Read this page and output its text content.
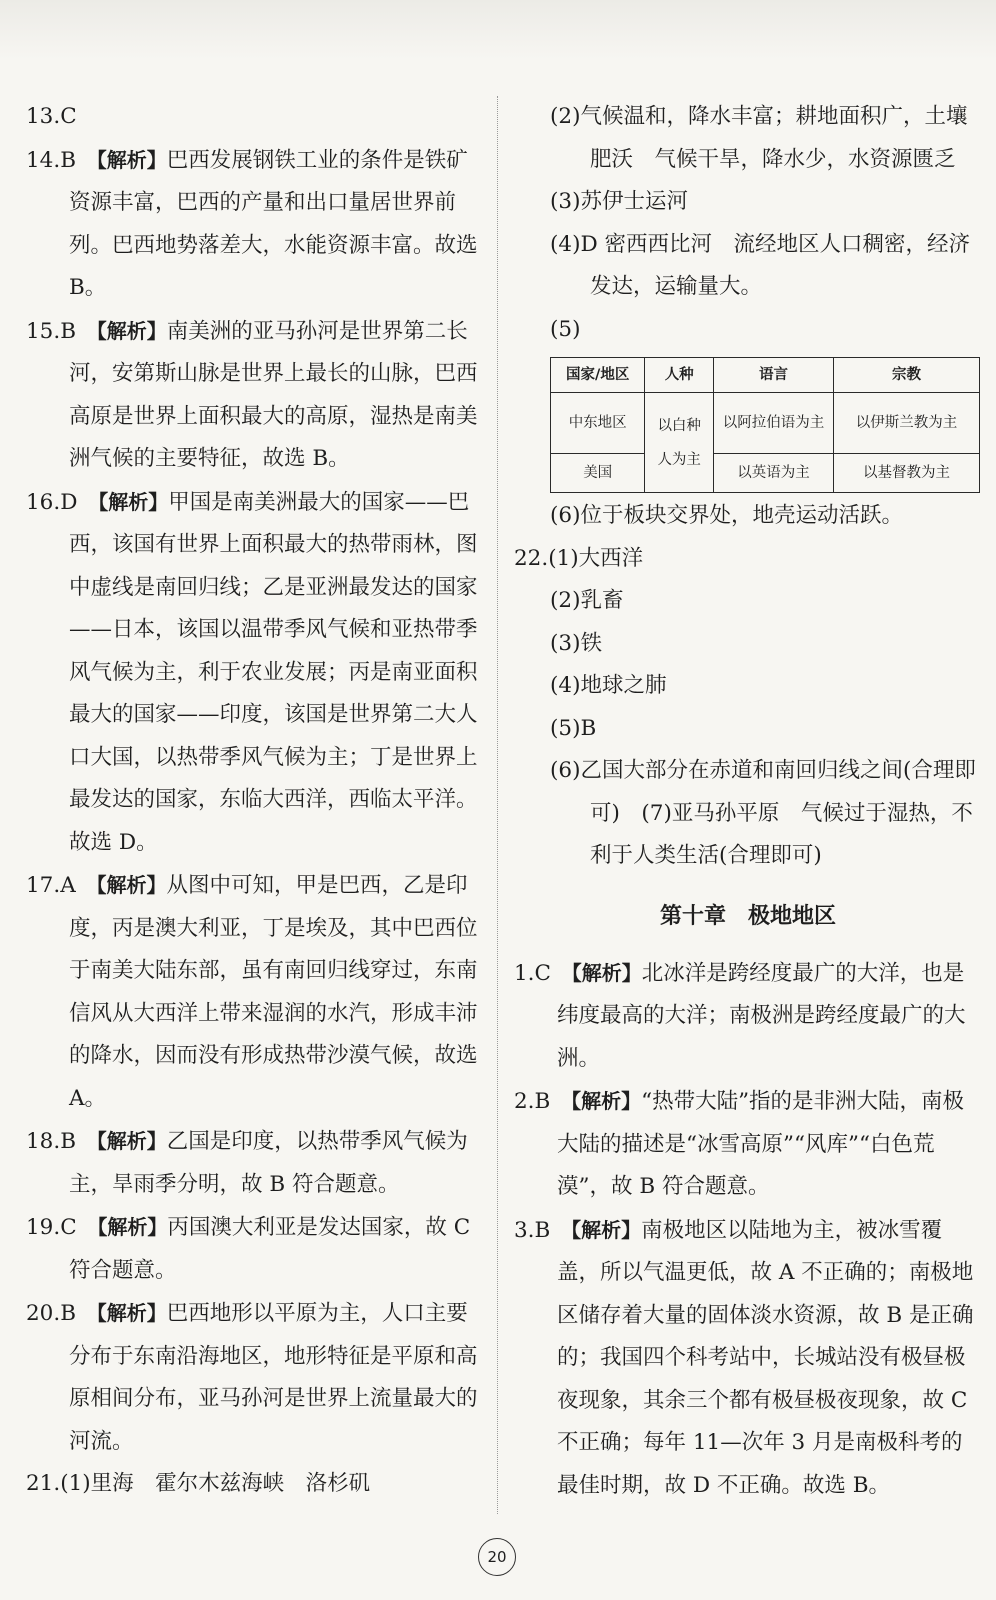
13.C

14.B  【解析】巴西发展钢铁工业的条件是铁矿资源丰富，巴西的产量和出口量居世界前列。巴西地势落差大，水能资源丰富。故选 B。

15.B  【解析】南美洲的亚马孙河是世界第二长河，安第斯山脉是世界上最长的山脉，巴西高原是世界上面积最大的高原，湿热是南美洲气候的主要特征，故选 B。

16.D  【解析】甲国是南美洲最大的国家——巴西，该国有世界上面积最大的热带雨林，图中虚线是南回归线；乙是亚洲最发达的国家——日本，该国以温带季风气候和亚热带季风气候为主，利于农业发展；丙是南亚面积最大的国家——印度，该国是世界第二大人口大国，以热带季风气候为主；丁是世界上最发达的国家，东临大西洋，西临太平洋。故选 D。

17.A  【解析】从图中可知，甲是巴西，乙是印度，丙是澳大利亚，丁是埃及，其中巴西位于南美大陆东部，虽有南回归线穿过，东南信风从大西洋上带来湿润的水汽，形成丰沛的降水，因而没有形成热带沙漠气候，故选 A。

18.B  【解析】乙国是印度，以热带季风气候为主，旱雨季分明，故 B 符合题意。

19.C  【解析】丙国澳大利亚是发达国家，故 C 符合题意。

20.B  【解析】巴西地形以平原为主，人口主要分布于东南沿海地区，地形特征是平原和高原相间分布，亚马孙河是世界上流量最大的河流。

21.(1)里海　霍尔木兹海峡　洛杉矶

(2)气候温和，降水丰富；耕地面积广，土壤肥沃　气候干旱，降水少，水资源匮乏

(3)苏伊士运河

(4)D 密西西比河　流经地区人口稠密，经济发达，运输量大。

(5)

国家/地区	人种	语言	宗教
中东地区	以白种人为主	以阿拉伯语为主	以伊斯兰教为主
美国		以英语为主	以基督教为主

(6)位于板块交界处，地壳运动活跃。

22.(1)大西洋

(2)乳畜

(3)铁

(4)地球之肺

(5)B

(6)乙国大部分在赤道和南回归线之间(合理即可)　(7)亚马孙平原　气候过于湿热，不利于人类生活(合理即可)

第十章　极地地区

1.C  【解析】北冰洋是跨经度最广的大洋，也是纬度最高的大洋；南极洲是跨经度最广的大洲。

2.B  【解析】“热带大陆”指的是非洲大陆，南极大陆的描述是“冰雪高原”“风库”“白色荒漠”，故 B 符合题意。

3.B  【解析】南极地区以陆地为主，被冰雪覆盖，所以气温更低，故 A 不正确的；南极地区储存着大量的固体淡水资源，故 B 是正确的；我国四个科考站中，长城站没有极昼极夜现象，其余三个都有极昼极夜现象，故 C 不正确；每年 11—次年 3 月是南极科考的最佳时期，故 D 不正确。故选 B。

20
